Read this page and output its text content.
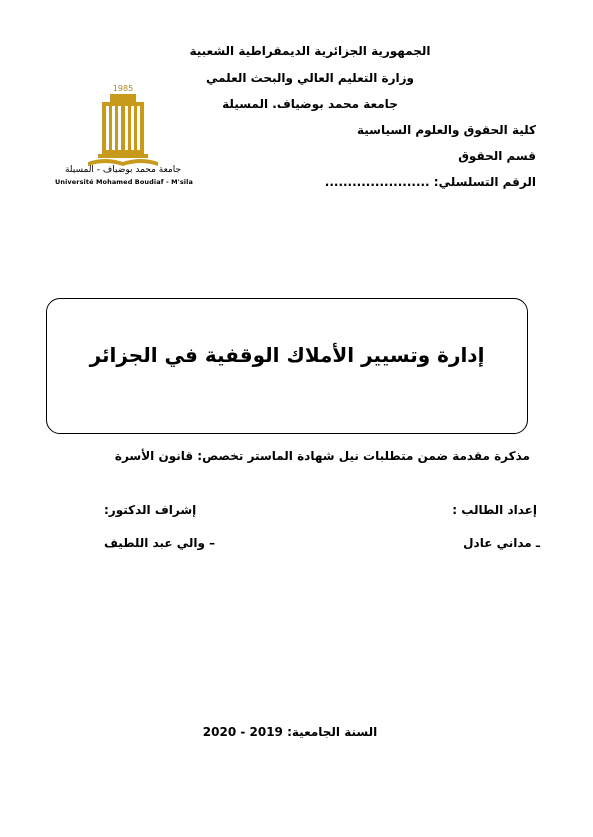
الجمهورية الجزائرية الديمقراطية الشعبية
وزارة التعليم العالي والبحث العلمي
جامعة محمد بوضياف. المسيلة
كلية الحقوق والعلوم السياسية
قسم الحقوق
الرقم التسلسلي: .......................
1985
جامعة محمد بوضياف - المسيلة
Université Mohamed Boudiaf - M'sila
إدارة وتسيير الأملاك الوقفية في الجزائر
مذكرة مقدمة ضمن متطلبات نيل شهادة الماستر تخصص: قانون الأسرة
إعداد الطالب :
إشراف الدكتور:
ـ مداني عادل
– والي عبد اللطيف
2020 - 2019 السنة الجامعية:
